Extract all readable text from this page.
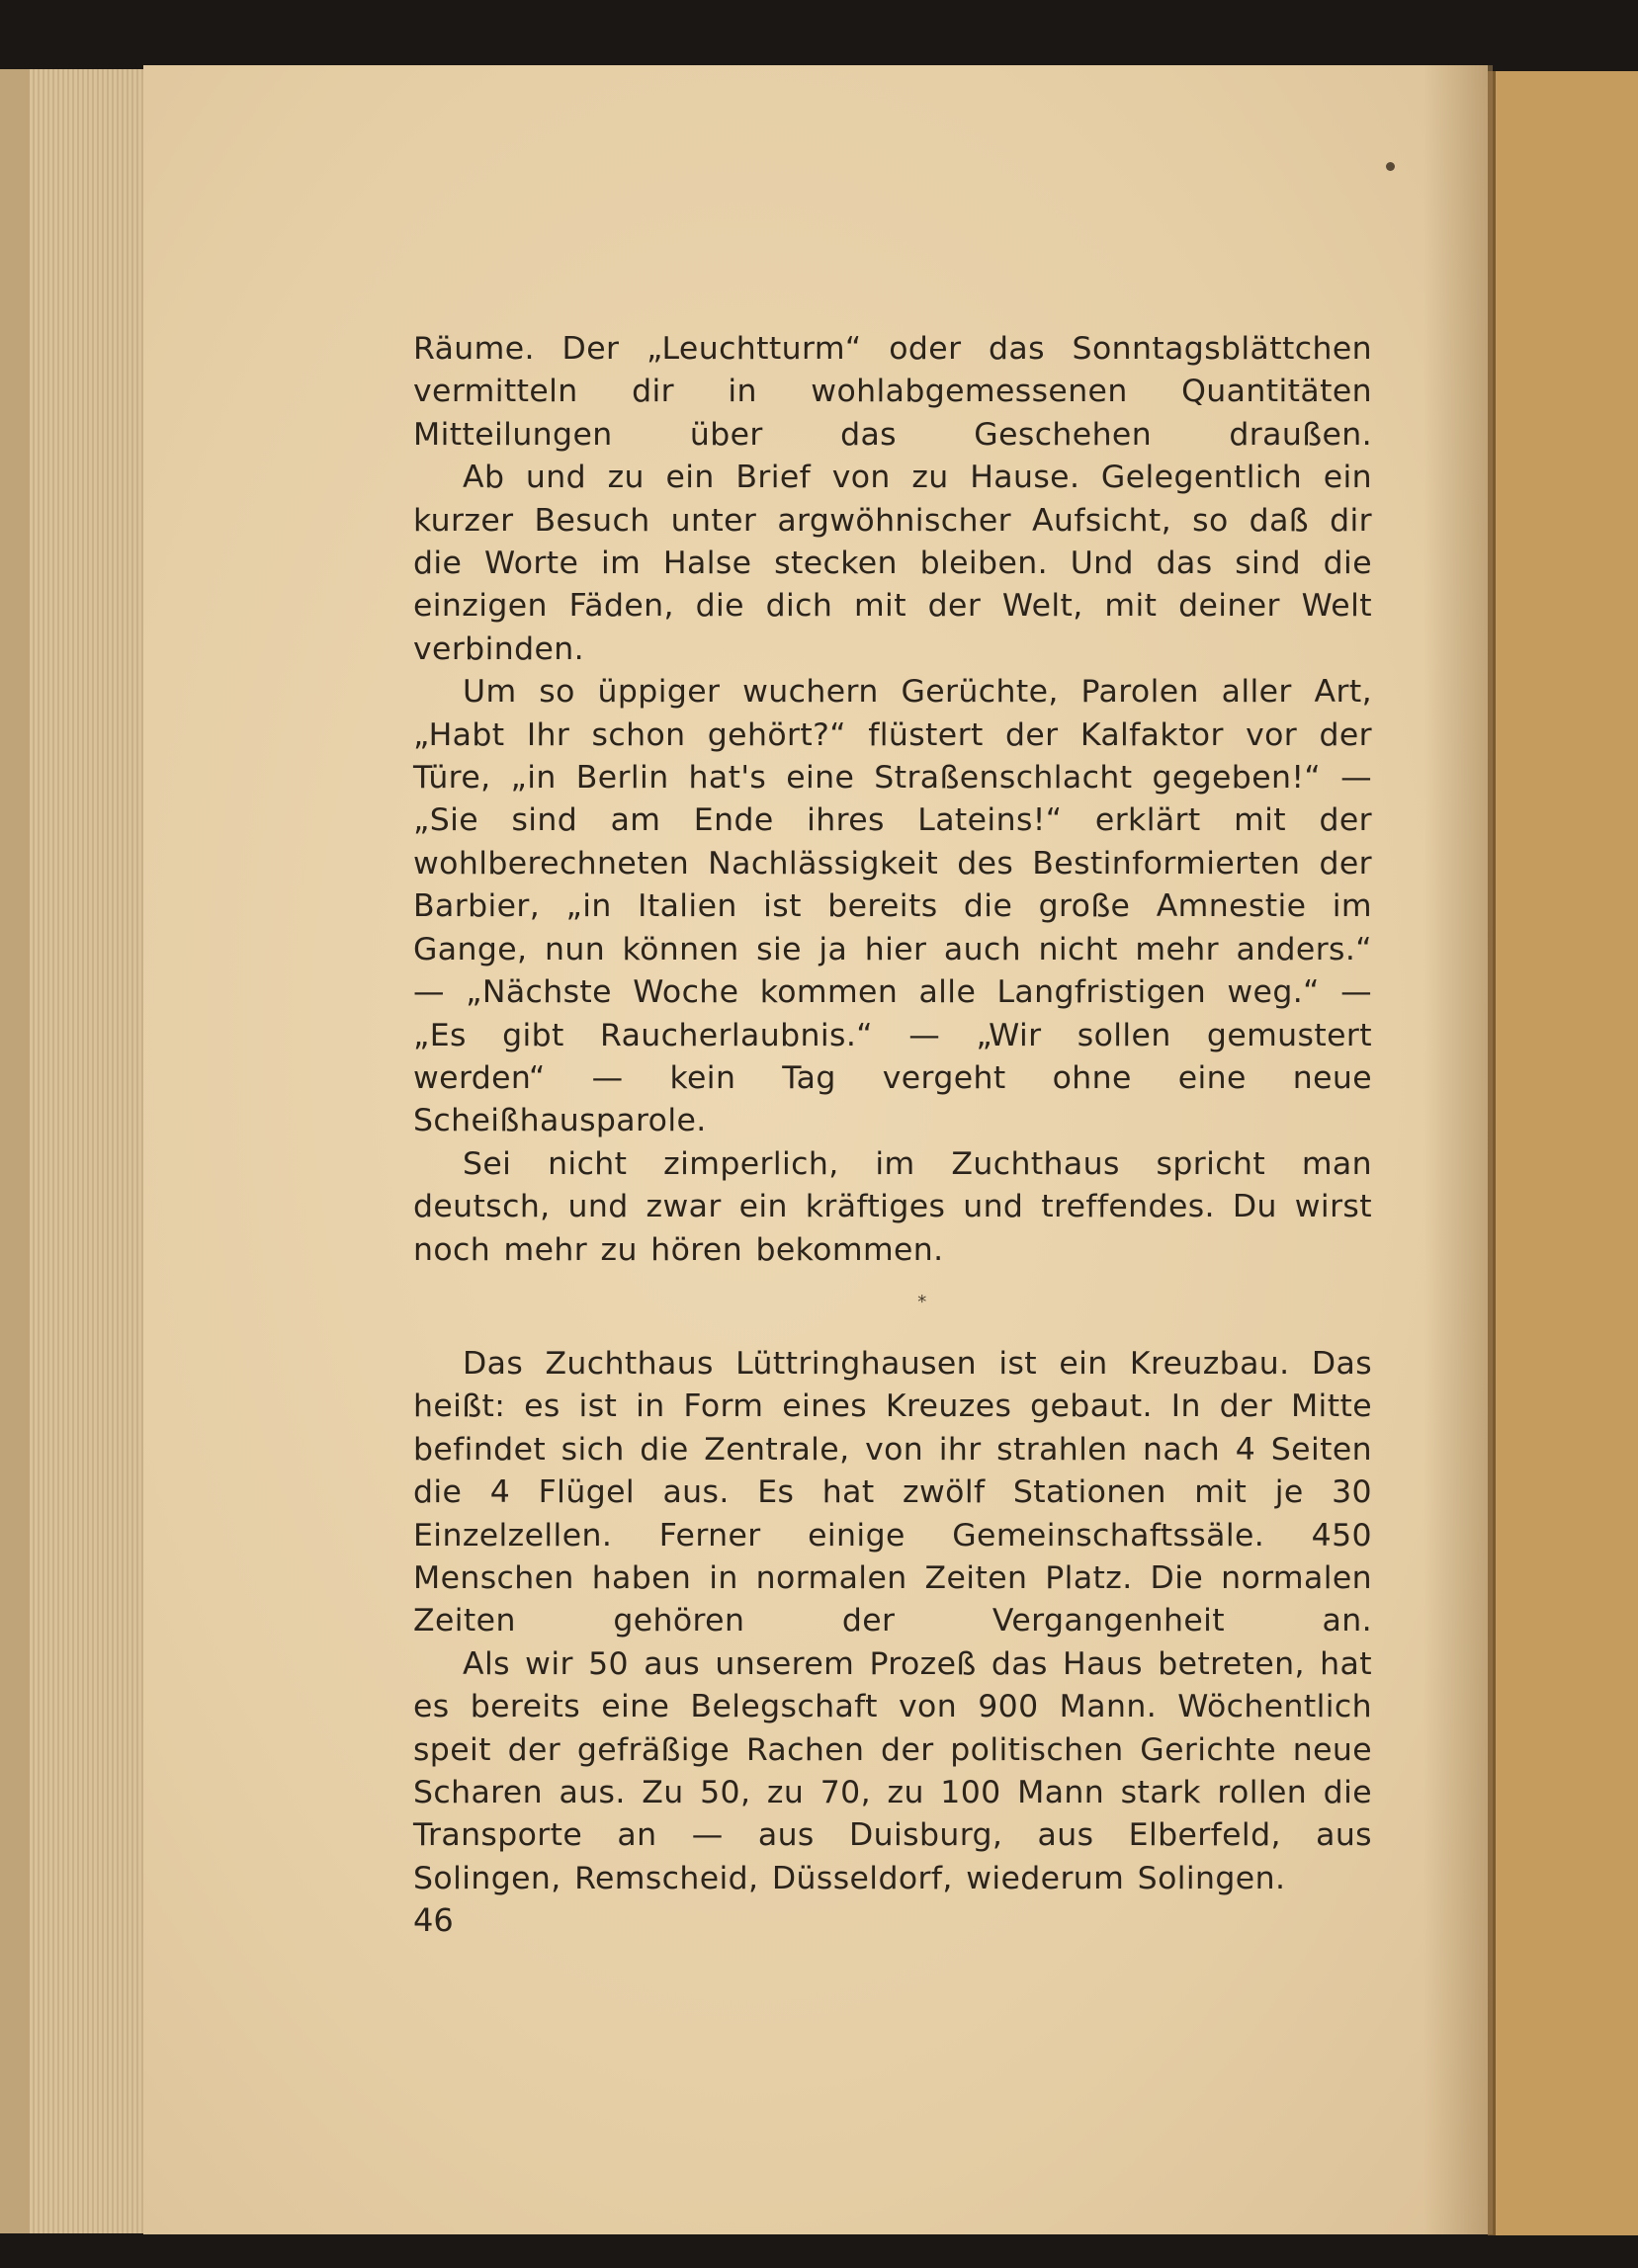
Räume. Der „Leuchtturm“ oder das Sonntagsblättchen vermitteln dir in wohlabgemessenen Quantitäten Mitteilungen über das Geschehen draußen.

Ab und zu ein Brief von zu Hause. Gelegentlich ein kurzer Besuch unter argwöhnischer Aufsicht, so daß dir die Worte im Halse stecken bleiben. Und das sind die einzigen Fäden, die dich mit der Welt, mit deiner Welt verbinden.

Um so üppiger wuchern Gerüchte, Parolen aller Art, „Habt Ihr schon gehört?“ flüstert der Kalfaktor vor der Türe, „in Berlin hat's eine Straßenschlacht gegeben!“ — „Sie sind am Ende ihres Lateins!“ erklärt mit der wohlberechneten Nachlässigkeit des Bestinformierten der Barbier, „in Italien ist bereits die große Amnestie im Gange, nun können sie ja hier auch nicht mehr anders.“ — „Nächste Woche kommen alle Langfristigen weg.“ — „Es gibt Raucherlaubnis.“ — „Wir sollen gemustert werden“ — kein Tag vergeht ohne eine neue Scheißhausparole.

Sei nicht zimperlich, im Zuchthaus spricht man deutsch, und zwar ein kräftiges und treffendes. Du wirst noch mehr zu hören bekommen.

*

Das Zuchthaus Lüttringhausen ist ein Kreuzbau. Das heißt: es ist in Form eines Kreuzes gebaut. In der Mitte befindet sich die Zentrale, von ihr strahlen nach 4 Seiten die 4 Flügel aus. Es hat zwölf Stationen mit je 30 Einzelzellen. Ferner einige Gemeinschaftssäle. 450 Menschen haben in normalen Zeiten Platz. Die normalen Zeiten gehören der Vergangenheit an.

Als wir 50 aus unserem Prozeß das Haus betreten, hat es bereits eine Belegschaft von 900 Mann. Wöchentlich speit der gefräßige Rachen der politischen Gerichte neue Scharen aus. Zu 50, zu 70, zu 100 Mann stark rollen die Transporte an — aus Duisburg, aus Elberfeld, aus Solingen, Remscheid, Düsseldorf, wiederum Solingen.

46
